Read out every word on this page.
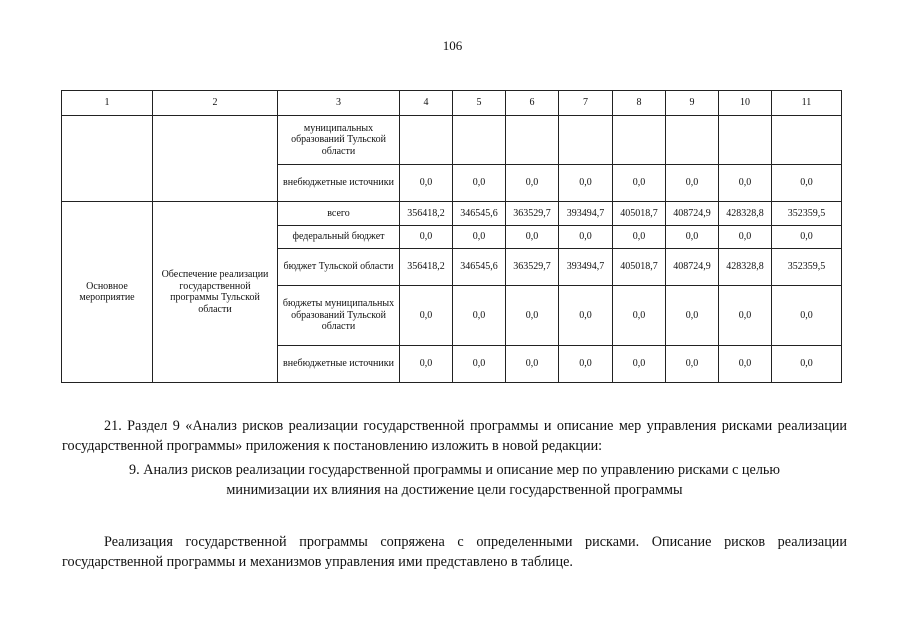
106
1	2	3	4	5	6	7	8	9	10	11
		муниципальных образований Тульской области								
		внебюджетные источники	0,0	0,0	0,0	0,0	0,0	0,0	0,0	0,0
Основное мероприятие	Обеспечение реализации государственной программы Тульской области	всего	356418,2	346545,6	363529,7	393494,7	405018,7	408724,9	428328,8	352359,5
		федеральный бюджет	0,0	0,0	0,0	0,0	0,0	0,0	0,0	0,0
		бюджет Тульской области	356418,2	346545,6	363529,7	393494,7	405018,7	408724,9	428328,8	352359,5
		бюджеты муниципальных образований Тульской области	0,0	0,0	0,0	0,0	0,0	0,0	0,0	0,0
		внебюджетные источники	0,0	0,0	0,0	0,0	0,0	0,0	0,0	0,0

21. Раздел 9 «Анализ рисков реализации государственной программы и описание мер управления рисками реализации государственной программы» приложения к постановлению изложить в новой редакции:

9. Анализ рисков реализации государственной программы и описание мер по управлению рисками с целью
минимизации их влияния на достижение цели государственной программы

Реализация государственной программы сопряжена с определенными рисками. Описание рисков реализации государственной программы и механизмов управления ими представлено в таблице.
